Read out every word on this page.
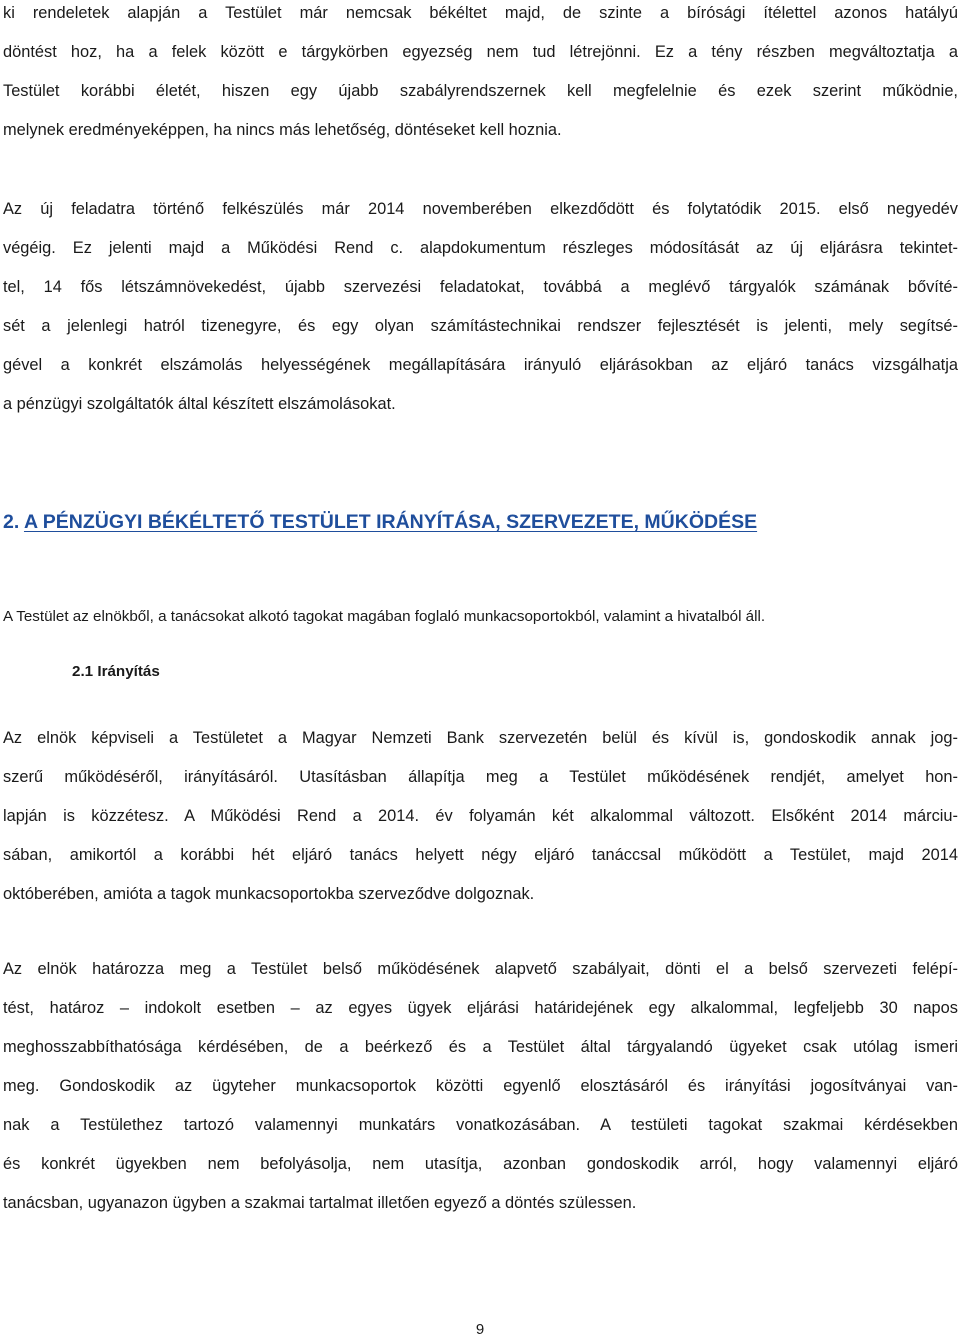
ki rendeletek alapján a Testület már nemcsak békéltet majd, de szinte a bírósági ítélettel azonos hatályú
döntést hoz, ha a felek között e tárgykörben egyezség nem tud létrejönni. Ez a tény részben megváltoztatja a
Testület korábbi életét, hiszen egy újabb szabályrendszernek kell megfelelnie és ezek szerint működnie,
melynek eredményeképpen, ha nincs más lehetőség, döntéseket kell hoznia.
Az új feladatra történő felkészülés már 2014 novemberében elkezdődött és folytatódik 2015. első negyedév
végéig. Ez jelenti majd a Működési Rend c. alapdokumentum részleges módosítását az új eljárásra tekintet-
tel, 14 fős létszámnövekedést, újabb szervezési feladatokat, továbbá a meglévő tárgyalók számának bővíté-
sét a jelenlegi hatról tizenegyre, és egy olyan számítástechnikai rendszer fejlesztését is jelenti, mely segítsé-
gével a konkrét elszámolás helyességének megállapítására irányuló eljárásokban az eljáró tanács vizsgálhatja
a pénzügyi szolgáltatók által készített elszámolásokat.
2. A PÉNZÜGYI BÉKÉLTETŐ TESTÜLET IRÁNYÍTÁSA, SZERVEZETE, MŰKÖDÉSE

A Testület az elnökből, a tanácsokat alkotó tagokat magában foglaló munkacsoportokból, valamint a hivatalból áll.

2.1 Irányítás
Az elnök képviseli a Testületet a Magyar Nemzeti Bank szervezetén belül és kívül is, gondoskodik annak jog-
szerű működéséről, irányításáról. Utasításban állapítja meg a Testület működésének rendjét, amelyet hon-
lapján is közzétesz. A Működési Rend a 2014. év folyamán két alkalommal változott. Elsőként 2014 márciu-
sában, amikortól a korábbi hét eljáró tanács helyett négy eljáró tanáccsal működött a Testület, majd 2014
októberében, amióta a tagok munkacsoportokba szerveződve dolgoznak.
Az elnök határozza meg a Testület belső működésének alapvető szabályait, dönti el a belső szervezeti felépí-
tést, határoz – indokolt esetben – az egyes ügyek eljárási határidejének egy alkalommal, legfeljebb 30 napos
meghosszabbíthatósága kérdésében, de a beérkező és a Testület által tárgyalandó ügyeket csak utólag ismeri
meg. Gondoskodik az ügyteher munkacsoportok közötti egyenlő elosztásáról és irányítási jogosítványai van-
nak a Testülethez tartozó valamennyi munkatárs vonatkozásában. A testületi tagokat szakmai kérdésekben
és konkrét ügyekben nem befolyásolja, nem utasítja, azonban gondoskodik arról, hogy valamennyi eljáró
tanácsban, ugyanazon ügyben a szakmai tartalmat illetően egyező a döntés szülessen.
9
